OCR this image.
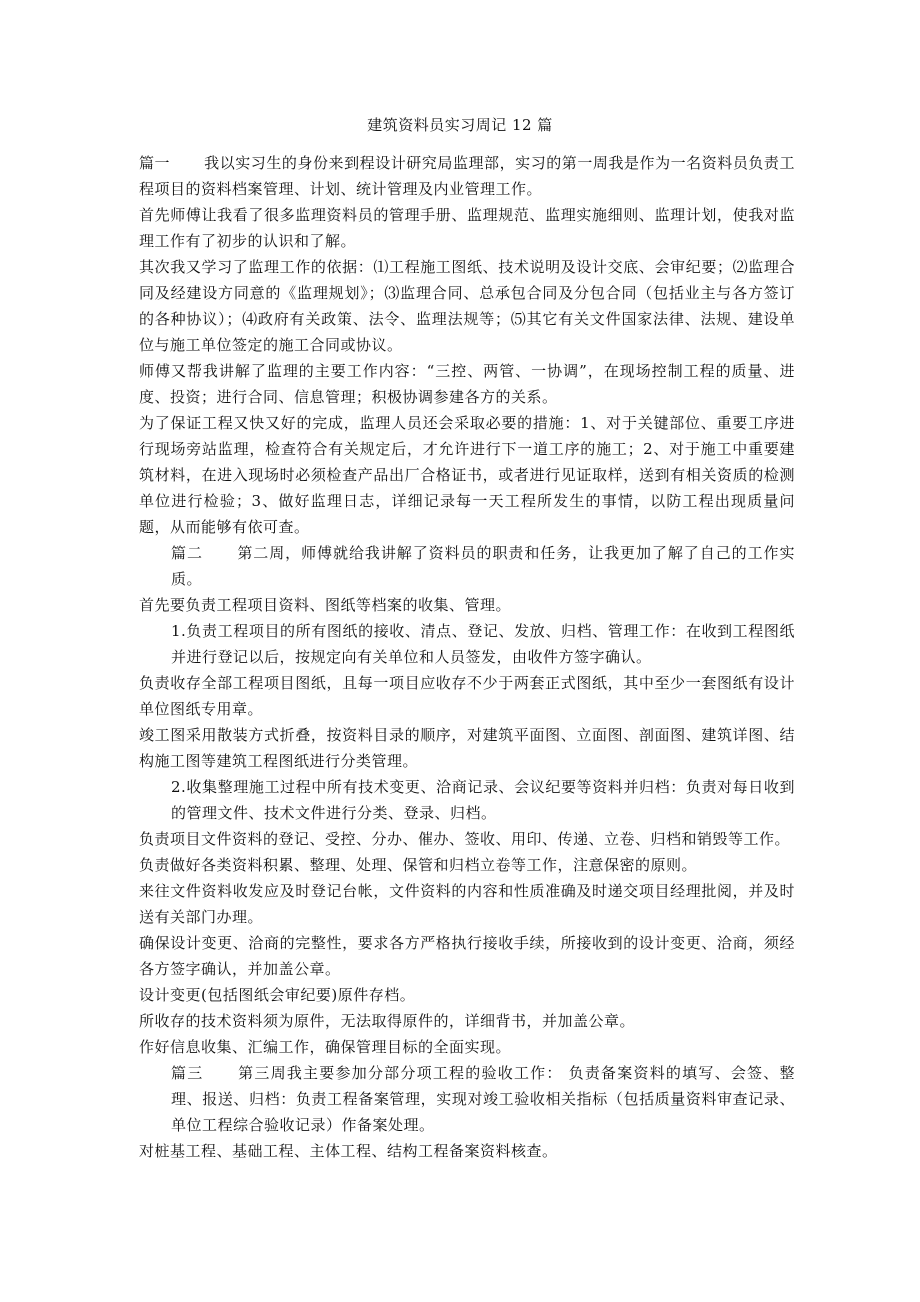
建筑资料员实习周记 12 篇

篇一 我以实习生的身份来到程设计研究局监理部，实习的第一周我是作为一名资料员负责工程项目的资料档案管理、计划、统计管理及内业管理工作。

首先师傅让我看了很多监理资料员的管理手册、监理规范、监理实施细则、监理计划，使我对监理工作有了初步的认识和了解。

其次我又学习了监理工作的依据：⑴工程施工图纸、技术说明及设计交底、会审纪要；⑵监理合同及经建设方同意的《监理规划》；⑶监理合同、总承包合同及分包合同（包括业主与各方签订的各种协议）；⑷政府有关政策、法令、监理法规等；⑸其它有关文件国家法律、法规、建设单位与施工单位签定的施工合同或协议。

师傅又帮我讲解了监理的主要工作内容：“三控、两管、一协调”，在现场控制工程的质量、进度、投资；进行合同、信息管理；积极协调参建各方的关系。

为了保证工程又快又好的完成，监理人员还会采取必要的措施：1、对于关键部位、重要工序进行现场旁站监理，检查符合有关规定后，才允许进行下一道工序的施工；2、对于施工中重要建筑材料，在进入现场时必须检查产品出厂合格证书，或者进行见证取样，送到有相关资质的检测单位进行检验；3、做好监理日志，详细记录每一天工程所发生的事情，以防工程出现质量问题，从而能够有依可查。

篇二 第二周，师傅就给我讲解了资料员的职责和任务，让我更加了解了自己的工作实质。

首先要负责工程项目资料、图纸等档案的收集、管理。

1.负责工程项目的所有图纸的接收、清点、登记、发放、归档、管理工作：在收到工程图纸并进行登记以后，按规定向有关单位和人员签发，由收件方签字确认。

负责收存全部工程项目图纸，且每一项目应收存不少于两套正式图纸，其中至少一套图纸有设计单位图纸专用章。

竣工图采用散装方式折叠，按资料目录的顺序，对建筑平面图、立面图、剖面图、建筑详图、结构施工图等建筑工程图纸进行分类管理。

2.收集整理施工过程中所有技术变更、洽商记录、会议纪要等资料并归档：负责对每日收到的管理文件、技术文件进行分类、登录、归档。

负责项目文件资料的登记、受控、分办、催办、签收、用印、传递、立卷、归档和销毁等工作。

负责做好各类资料积累、整理、处理、保管和归档立卷等工作，注意保密的原则。

来往文件资料收发应及时登记台帐，文件资料的内容和性质准确及时递交项目经理批阅，并及时送有关部门办理。

确保设计变更、洽商的完整性，要求各方严格执行接收手续，所接收到的设计变更、洽商，须经各方签字确认，并加盖公章。

设计变更(包括图纸会审纪要)原件存档。

所收存的技术资料须为原件，无法取得原件的，详细背书，并加盖公章。

作好信息收集、汇编工作，确保管理目标的全面实现。

篇三 第三周我主要参加分部分项工程的验收工作： 负责备案资料的填写、会签、整理、报送、归档：负责工程备案管理，实现对竣工验收相关指标（包括质量资料审查记录、单位工程综合验收记录）作备案处理。

对桩基工程、基础工程、主体工程、结构工程备案资料核查。
